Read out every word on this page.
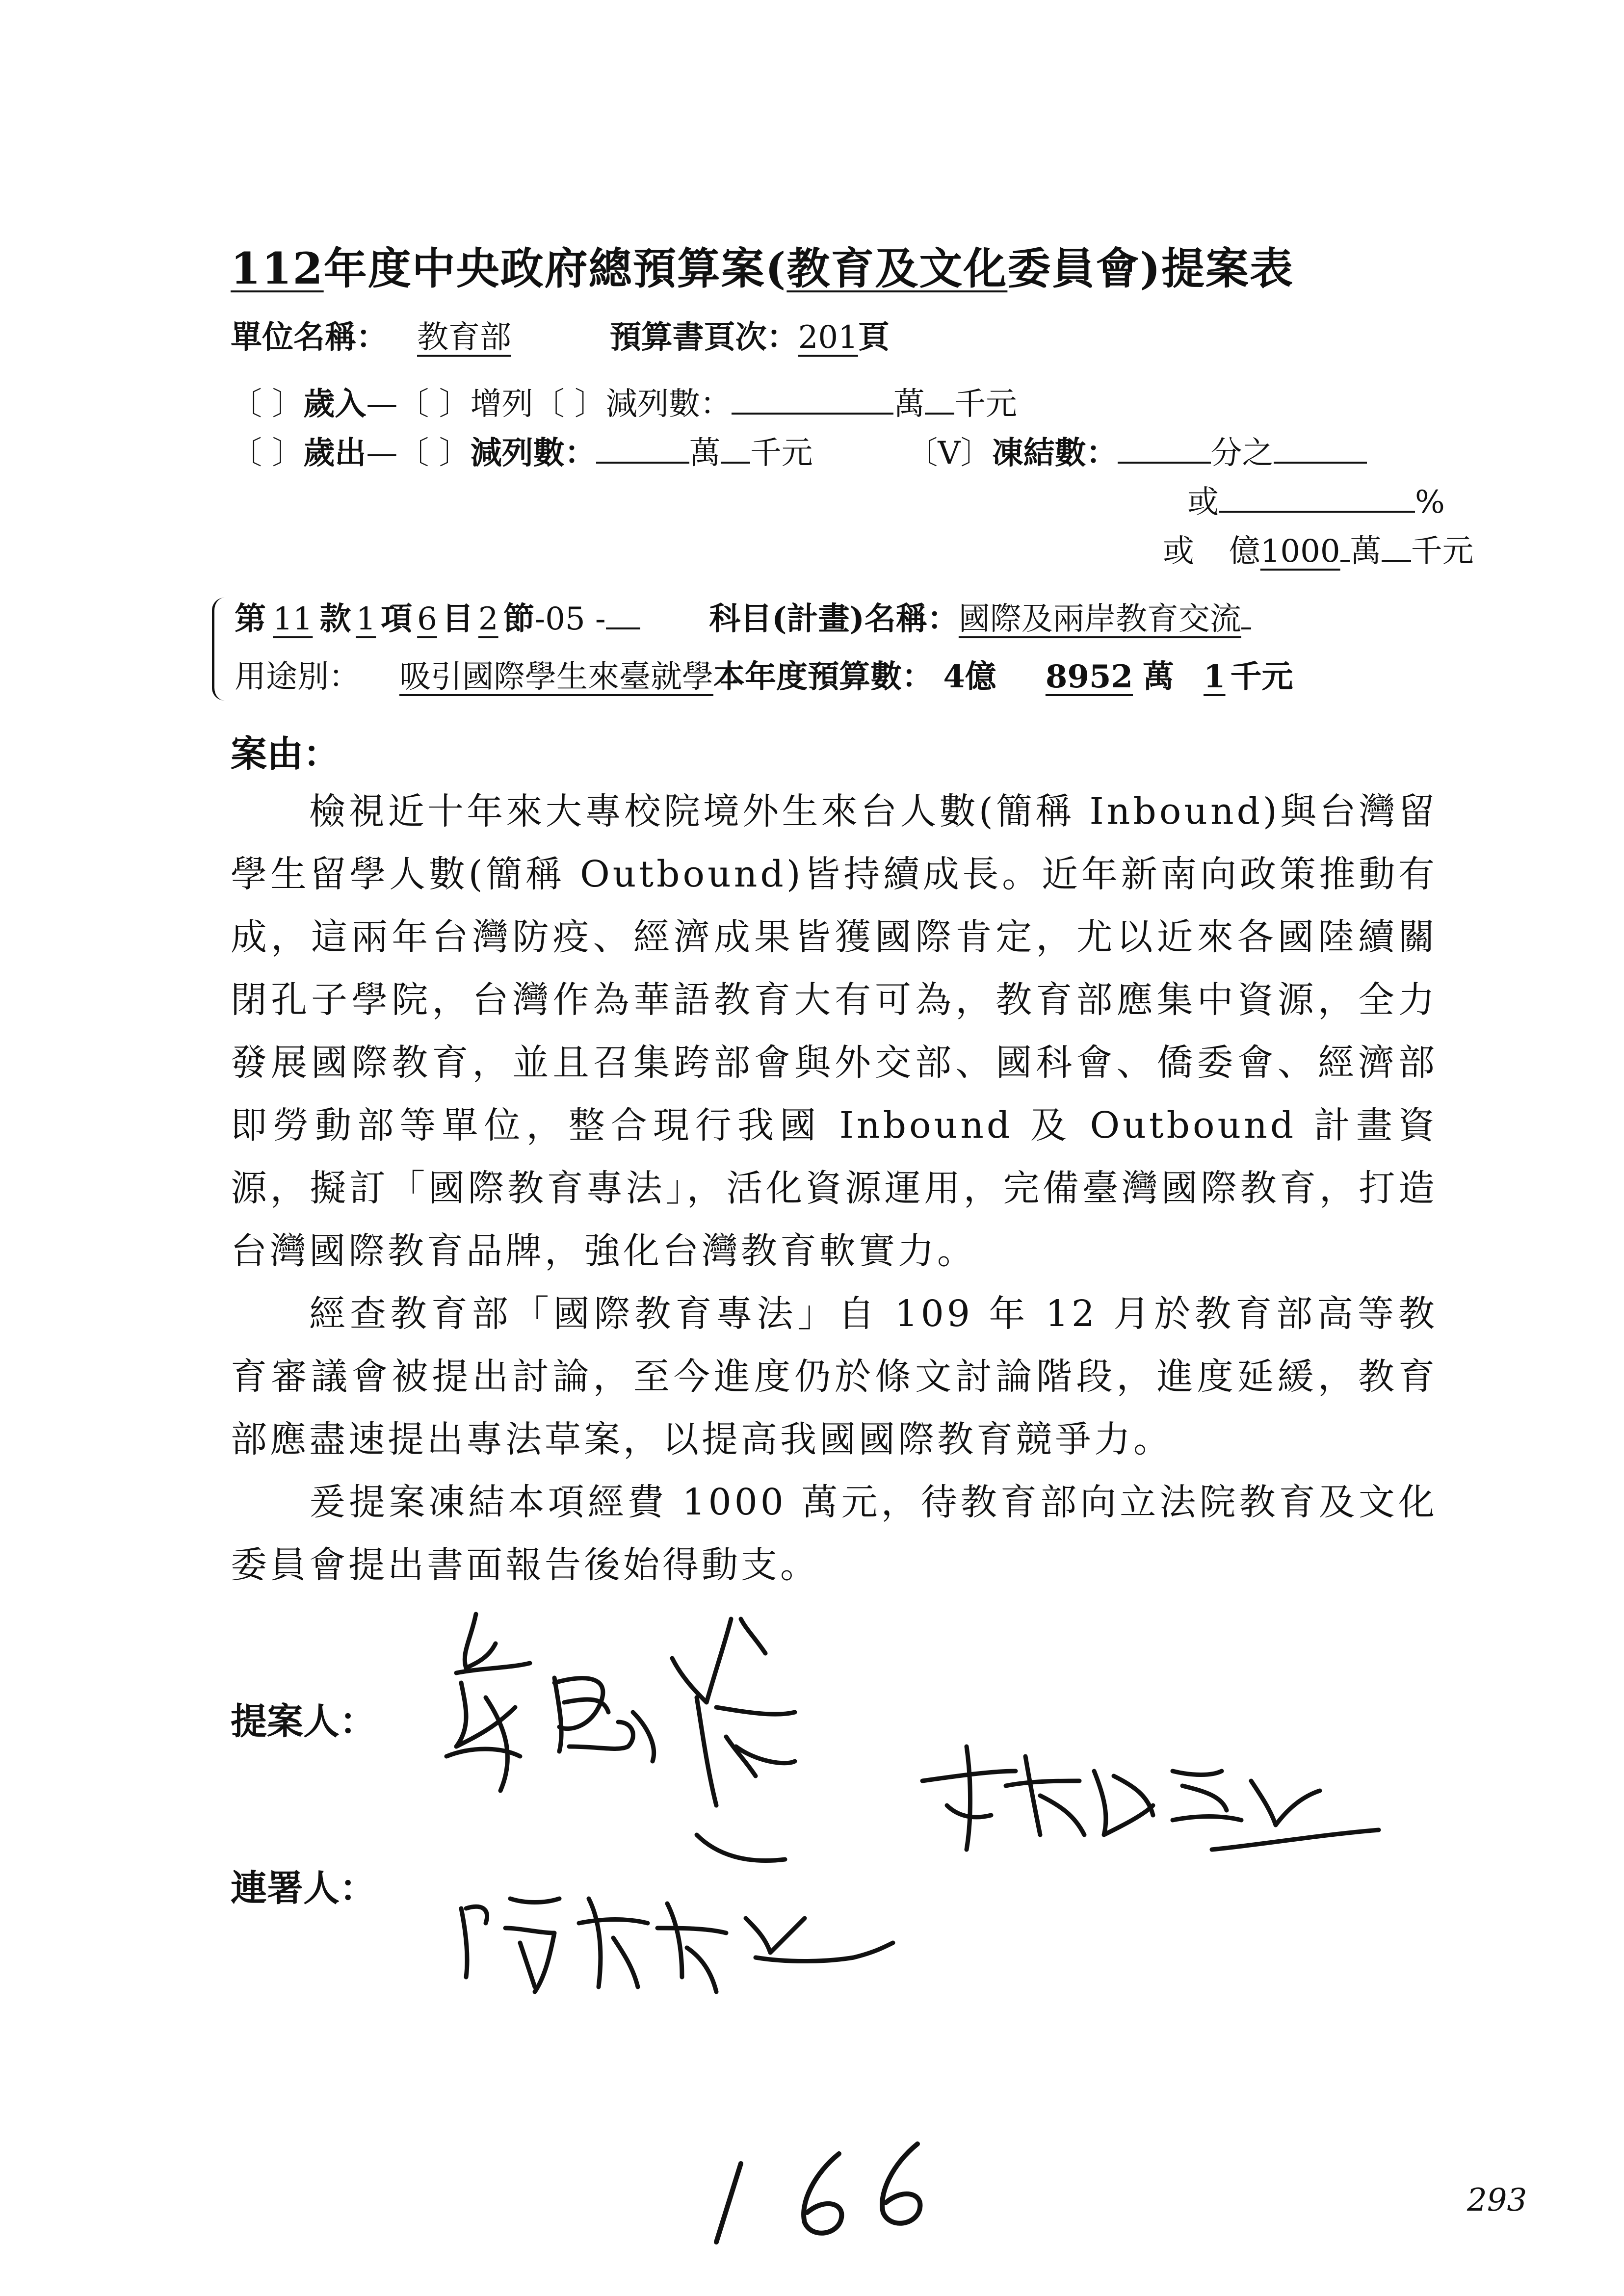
112年度中央政府總預算案(教育及文化委員會)提案表
單位名稱： 教育部	預算書頁次：201頁
〔 〕歲入—〔 〕增列〔 〕減列數：	萬 千元
〔 〕歲出—〔 〕減列數：	萬 千元	〔V〕凍結數：	分之
或	%
或 億1000 萬 千元
第 11 款 1 項 6 目 2 節-05 -	科目(計畫)名稱：國際及兩岸教育交流
用途別： 吸引國際學生來臺就學本年度預算數： 4億 8952 萬 1 千元
案由：

檢視近十年來大專校院境外生來台人數(簡稱 Inbound)與台灣留學生留學人數(簡稱 Outbound)皆持續成長。近年新南向政策推動有成，這兩年台灣防疫、經濟成果皆獲國際肯定，尤以近來各國陸續關閉孔子學院，台灣作為華語教育大有可為，教育部應集中資源，全力發展國際教育，並且召集跨部會與外交部、國科會、僑委會、經濟部即勞動部等單位，整合現行我國 Inbound 及 Outbound 計畫資源，擬訂「國際教育專法」，活化資源運用，完備臺灣國際教育，打造台灣國際教育品牌，強化台灣教育軟實力。

經查教育部「國際教育專法」自 109 年 12 月於教育部高等教育審議會被提出討論，至今進度仍於條文討論階段，進度延緩，教育部應盡速提出專法草案，以提高我國國際教育競爭力。

爰提案凍結本項經費 1000 萬元，待教育部向立法院教育及文化委員會提出書面報告後始得動支。

提案人：
連署人：
293
